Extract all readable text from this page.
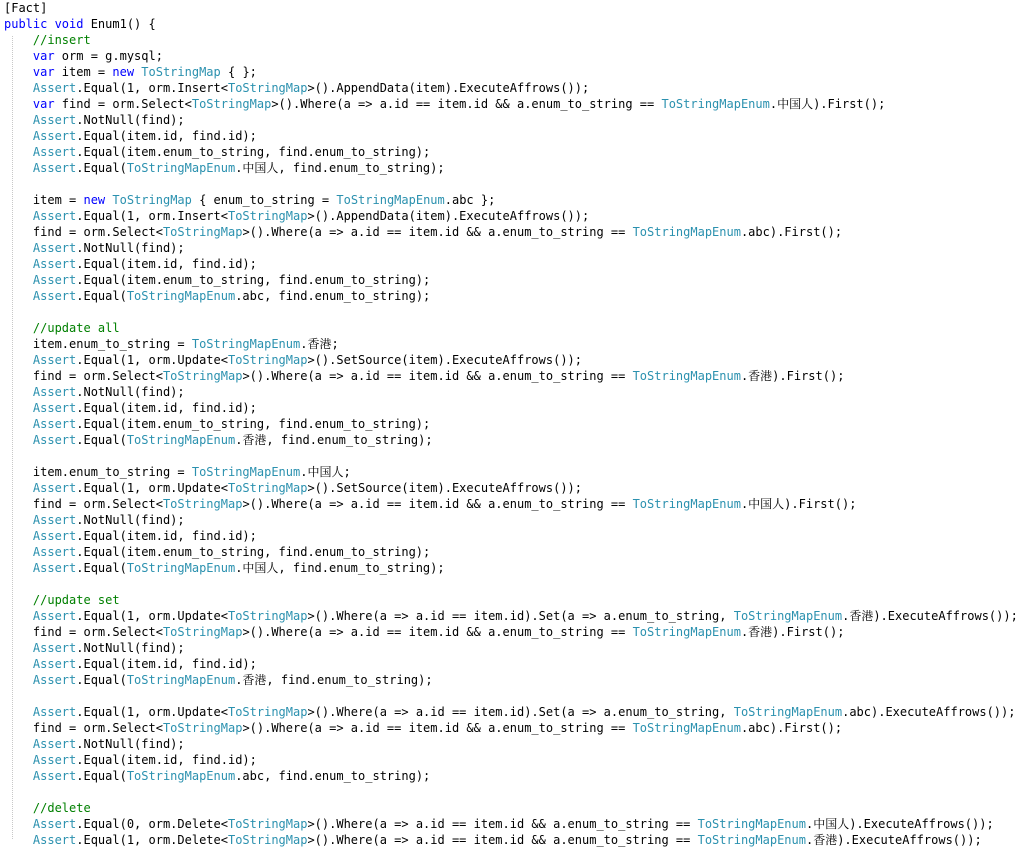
[Fact]
public void Enum1() {
//insert
var orm = g.mysql;
var item = new ToStringMap { };
Assert.Equal(1, orm.Insert<ToStringMap>().AppendData(item).ExecuteAffrows());
var find = orm.Select<ToStringMap>().Where(a => a.id == item.id && a.enum_to_string == ToStringMapEnum.中国人).First();
Assert.NotNull(find);
Assert.Equal(item.id, find.id);
Assert.Equal(item.enum_to_string, find.enum_to_string);
Assert.Equal(ToStringMapEnum.中国人, find.enum_to_string);
item = new ToStringMap { enum_to_string = ToStringMapEnum.abc };
Assert.Equal(1, orm.Insert<ToStringMap>().AppendData(item).ExecuteAffrows());
find = orm.Select<ToStringMap>().Where(a => a.id == item.id && a.enum_to_string == ToStringMapEnum.abc).First();
Assert.NotNull(find);
Assert.Equal(item.id, find.id);
Assert.Equal(item.enum_to_string, find.enum_to_string);
Assert.Equal(ToStringMapEnum.abc, find.enum_to_string);
//update all
item.enum_to_string = ToStringMapEnum.香港;
Assert.Equal(1, orm.Update<ToStringMap>().SetSource(item).ExecuteAffrows());
find = orm.Select<ToStringMap>().Where(a => a.id == item.id && a.enum_to_string == ToStringMapEnum.香港).First();
Assert.NotNull(find);
Assert.Equal(item.id, find.id);
Assert.Equal(item.enum_to_string, find.enum_to_string);
Assert.Equal(ToStringMapEnum.香港, find.enum_to_string);
item.enum_to_string = ToStringMapEnum.中国人;
Assert.Equal(1, orm.Update<ToStringMap>().SetSource(item).ExecuteAffrows());
find = orm.Select<ToStringMap>().Where(a => a.id == item.id && a.enum_to_string == ToStringMapEnum.中国人).First();
Assert.NotNull(find);
Assert.Equal(item.id, find.id);
Assert.Equal(item.enum_to_string, find.enum_to_string);
Assert.Equal(ToStringMapEnum.中国人, find.enum_to_string);
//update set
Assert.Equal(1, orm.Update<ToStringMap>().Where(a => a.id == item.id).Set(a => a.enum_to_string, ToStringMapEnum.香港).ExecuteAffrows());
find = orm.Select<ToStringMap>().Where(a => a.id == item.id && a.enum_to_string == ToStringMapEnum.香港).First();
Assert.NotNull(find);
Assert.Equal(item.id, find.id);
Assert.Equal(ToStringMapEnum.香港, find.enum_to_string);
Assert.Equal(1, orm.Update<ToStringMap>().Where(a => a.id == item.id).Set(a => a.enum_to_string, ToStringMapEnum.abc).ExecuteAffrows());
find = orm.Select<ToStringMap>().Where(a => a.id == item.id && a.enum_to_string == ToStringMapEnum.abc).First();
Assert.NotNull(find);
Assert.Equal(item.id, find.id);
Assert.Equal(ToStringMapEnum.abc, find.enum_to_string);
//delete
Assert.Equal(0, orm.Delete<ToStringMap>().Where(a => a.id == item.id && a.enum_to_string == ToStringMapEnum.中国人).ExecuteAffrows());
Assert.Equal(1, orm.Delete<ToStringMap>().Where(a => a.id == item.id && a.enum_to_string == ToStringMapEnum.香港).ExecuteAffrows());
